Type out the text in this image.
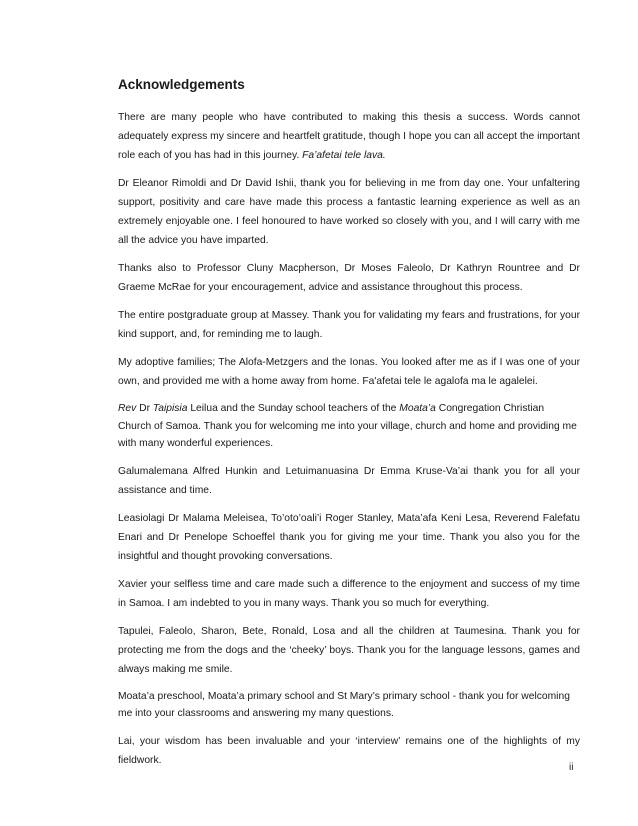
Acknowledgements

There are many people who have contributed to making this thesis a success. Words cannot adequately express my sincere and heartfelt gratitude, though I hope you can all accept the important role each of you has had in this journey. Fa’afetai tele lava.

Dr Eleanor Rimoldi and Dr David Ishii, thank you for believing in me from day one. Your unfaltering support, positivity and care have made this process a fantastic learning experience as well as an extremely enjoyable one. I feel honoured to have worked so closely with you, and I will carry with me all the advice you have imparted.

Thanks also to Professor Cluny Macpherson, Dr Moses Faleolo, Dr Kathryn Rountree and Dr Graeme McRae for your encouragement, advice and assistance throughout this process.

The entire postgraduate group at Massey. Thank you for validating my fears and frustrations, for your kind support, and, for reminding me to laugh.

My adoptive families; The Alofa-Metzgers and the Ionas. You looked after me as if I was one of your own, and provided me with a home away from home. Fa'afetai tele le agalofa ma le agalelei.

Rev Dr Taipisia Leilua and the Sunday school teachers of the Moata’a Congregation Christian Church of Samoa. Thank you for welcoming me into your village, church and home and providing me with many wonderful experiences.

Galumalemana Alfred Hunkin and Letuimanuasina Dr Emma Kruse-Va’ai thank you for all your assistance and time.

Leasiolagi Dr Malama Meleisea, To’oto’oali’i Roger Stanley, Mata’afa Keni Lesa, Reverend Falefatu Enari and Dr Penelope Schoeffel thank you for giving me your time. Thank you also you for the insightful and thought provoking conversations.

Xavier your selfless time and care made such a difference to the enjoyment and success of my time in Samoa. I am indebted to you in many ways. Thank you so much for everything.

Tapulei, Faleolo, Sharon, Bete, Ronald, Losa and all the children at Taumesina. Thank you for protecting me from the dogs and the ‘cheeky’ boys. Thank you for the language lessons, games and always making me smile.

Moata’a preschool, Moata’a primary school and St Mary’s primary school - thank you for welcoming me into your classrooms and answering my many questions.

Lai, your wisdom has been invaluable and your ‘interview’ remains one of the highlights of my fieldwork.

ii
